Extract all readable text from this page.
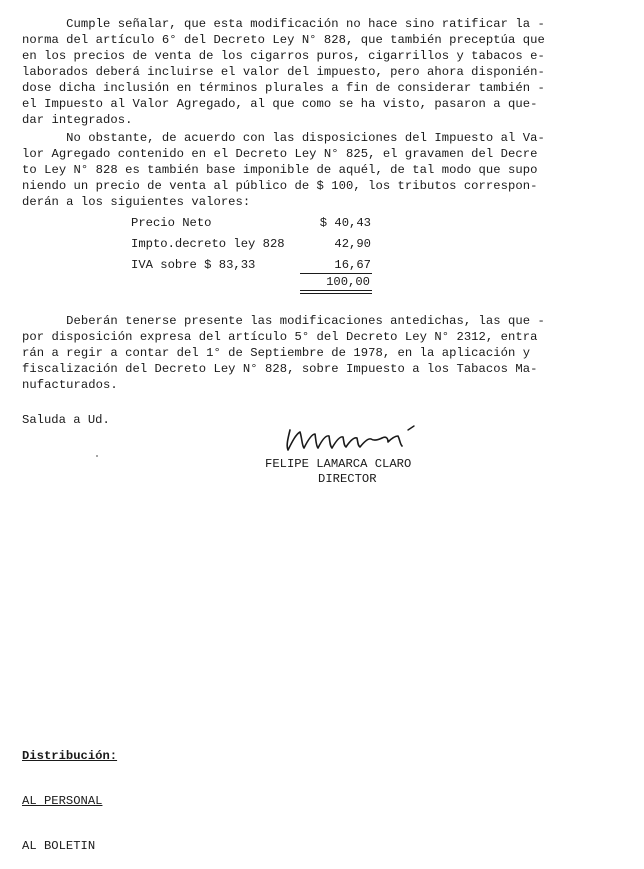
Cumple señalar, que esta modificación no hace sino ratificar la -
norma del artículo 6° del Decreto Ley N° 828, que también preceptúa que
en los precios de venta de los cigarros puros, cigarrillos y tabacos e-
laborados deberá incluirse el valor del impuesto, pero ahora disponién-
dose dicha inclusión en términos plurales a fin de considerar también -
el Impuesto al Valor Agregado, al que como se ha visto, pasaron a que-
dar integrados.
No obstante, de acuerdo con las disposiciones del Impuesto al Va-
lor Agregado contenido en el Decreto Ley N° 825, el gravamen del Decre
to Ley N° 828 es también base imponible de aquél, de tal modo que supo
niendo un precio de venta al público de $ 100, los tributos correspon-
derán a los siguientes valores:
Precio Neto	$ 40,43
Impto.decreto ley 828	42,90
IVA sobre $ 83,33	16,67
100,00
Deberán tenerse presente las modificaciones antedichas, las que -
por disposición expresa del artículo 5° del Decreto Ley N° 2312, entra
rán a regir a contar del 1° de Septiembre de 1978, en la aplicación y
fiscalización del Decreto Ley N° 828, sobre Impuesto a los Tabacos Ma-
nufacturados.
Saluda a Ud.
FELIPE LAMARCA CLARO
DIRECTOR

Distribución:

AL PERSONAL

AL BOLETIN
